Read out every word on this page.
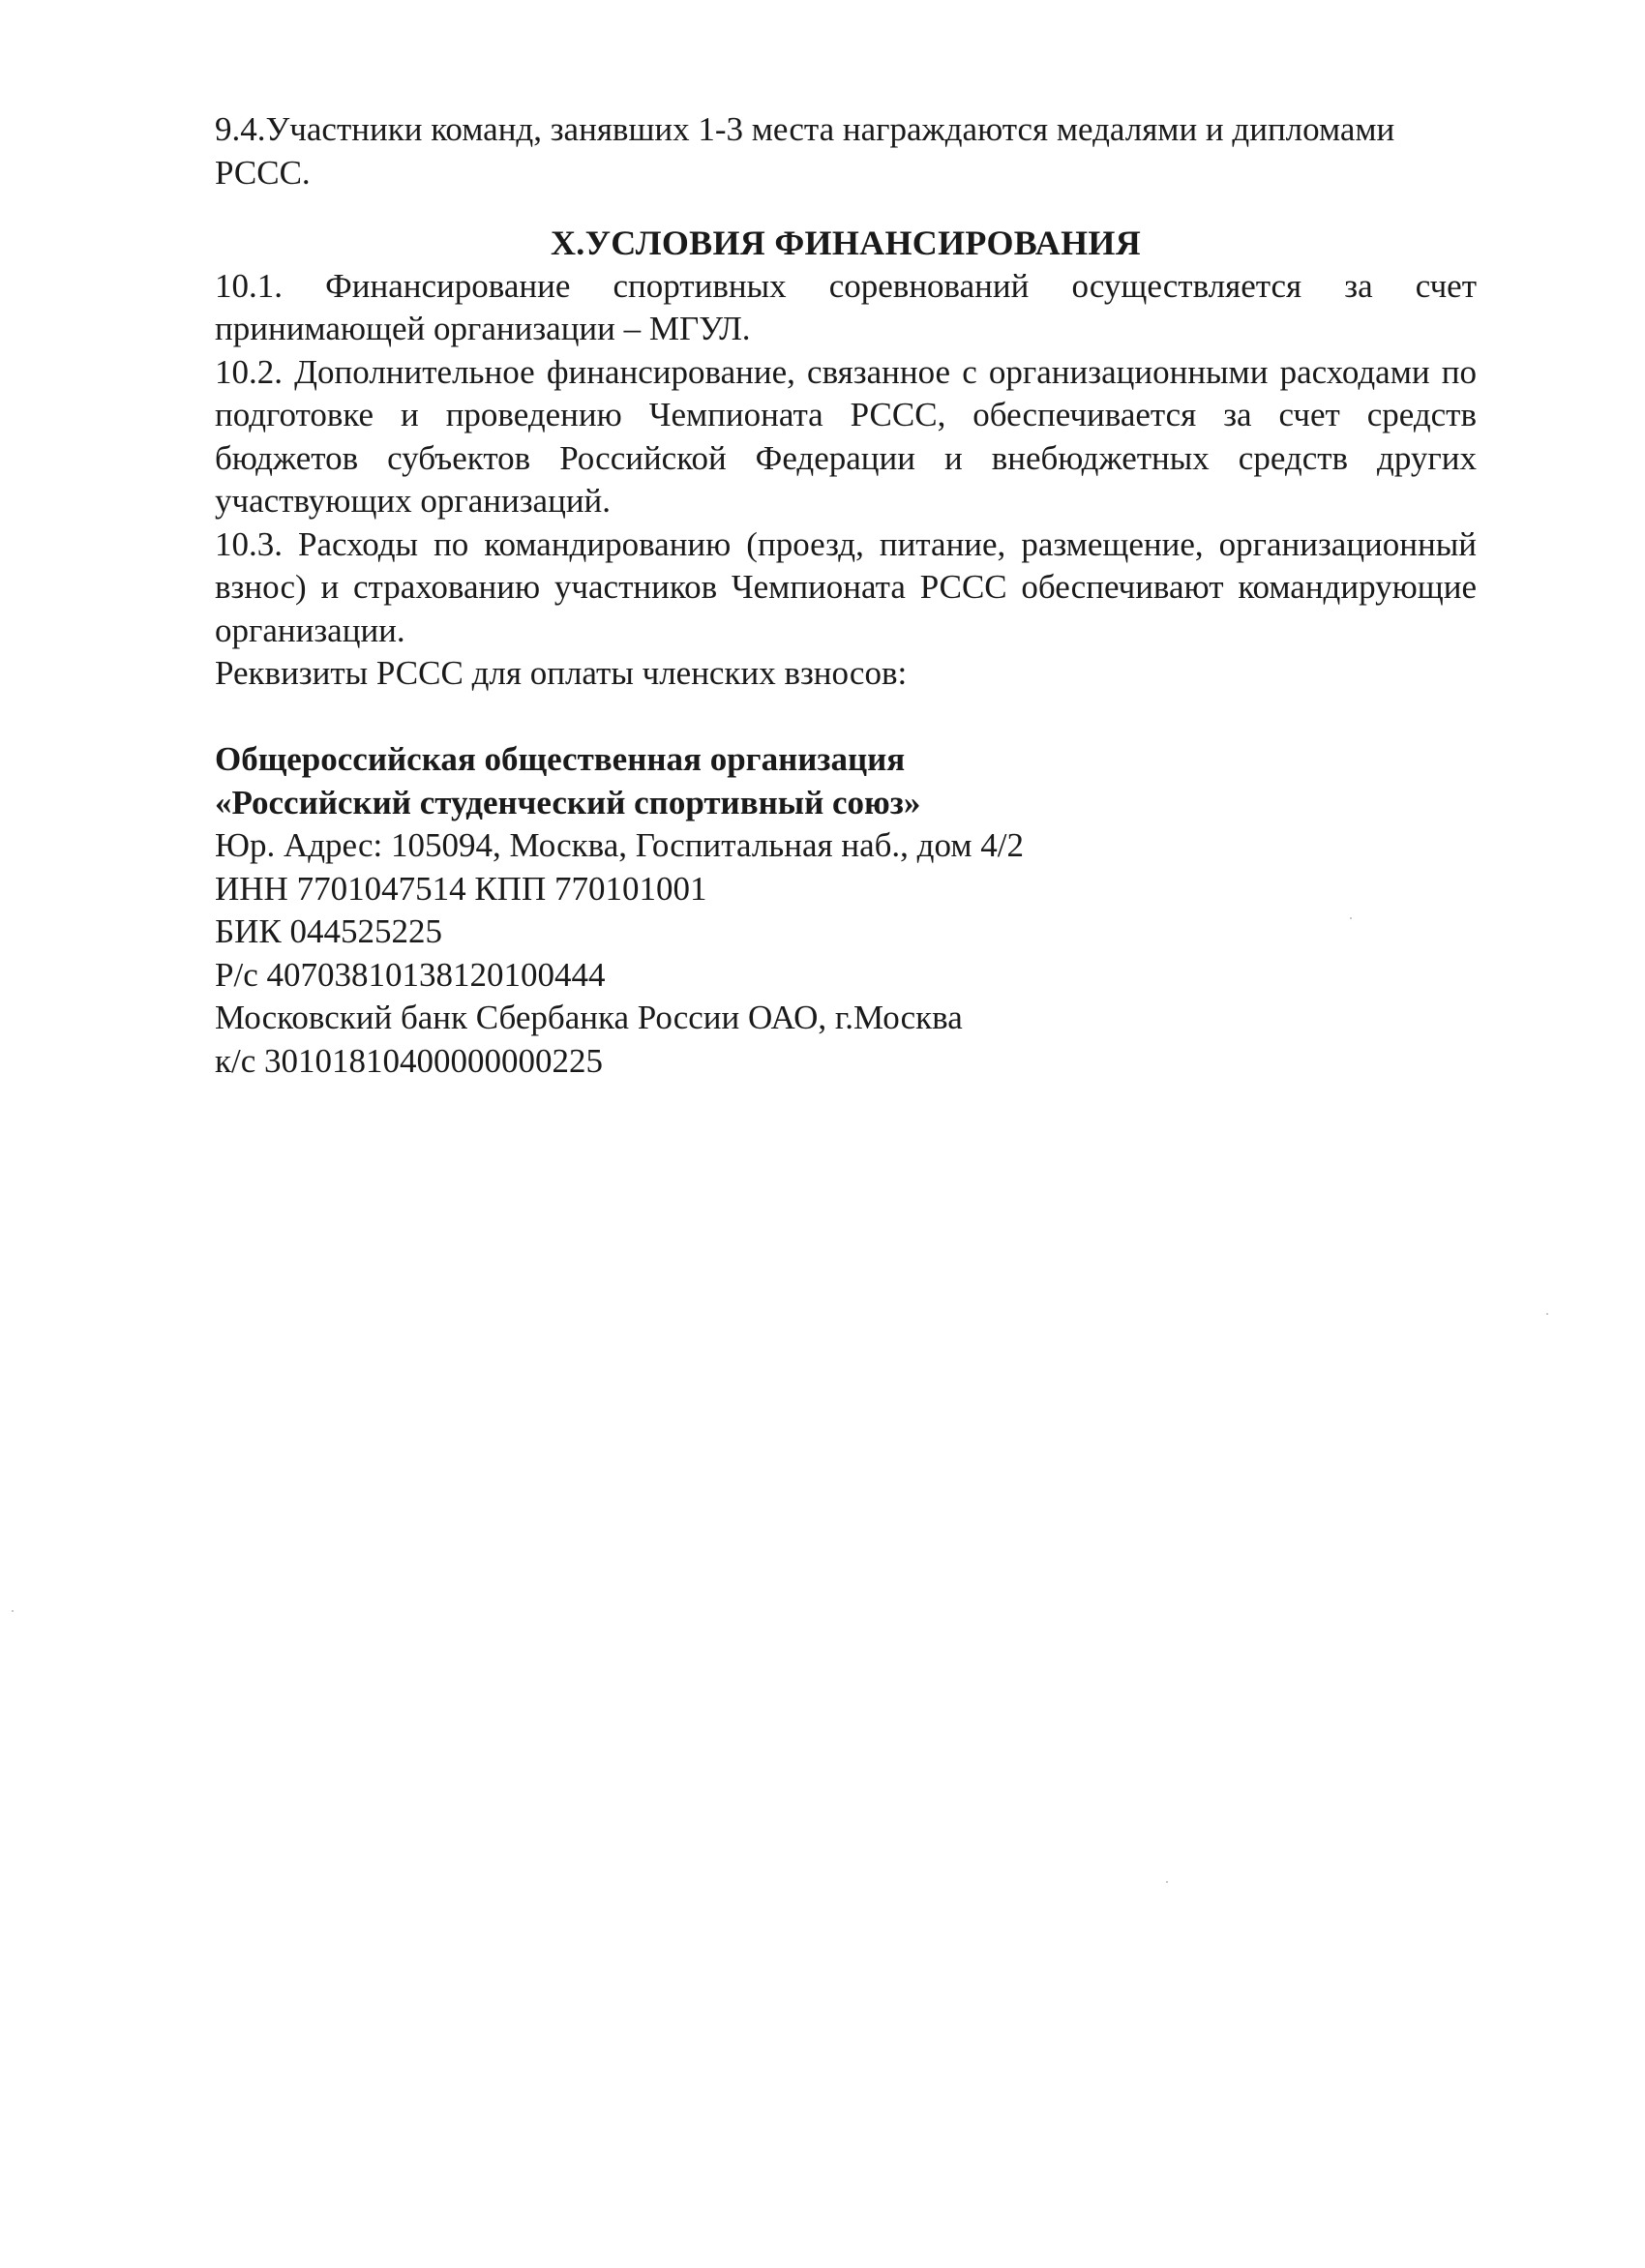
9.4.Участники команд, занявших 1-3 места награждаются медалями и дипломами РССС.

X.УСЛОВИЯ ФИНАНСИРОВАНИЯ

10.1. Финансирование спортивных соревнований осуществляется за счет принимающей организации – МГУЛ.

10.2. Дополнительное финансирование, связанное с организационными расходами по подготовке и проведению Чемпионата РССС, обеспечивается за счет средств бюджетов субъектов Российской Федерации и внебюджетных средств других участвующих организаций.

10.3. Расходы по командированию (проезд, питание, размещение, организационный взнос) и страхованию участников Чемпионата РССС обеспечивают командирующие организации.

Реквизиты РССС для оплаты членских взносов:

Общероссийская общественная организация

«Российский студенческий спортивный союз»

Юр. Адрес: 105094, Москва, Госпитальная наб., дом 4/2

ИНН 7701047514 КПП 770101001

БИК 044525225

Р/с 40703810138120100444

Московский банк Сбербанка России ОАО, г.Москва

к/с 30101810400000000225
